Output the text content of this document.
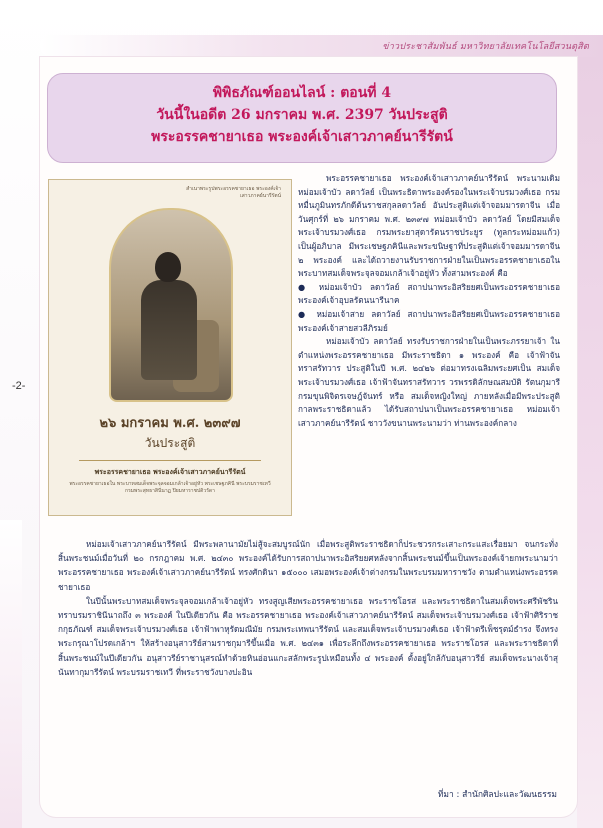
ข่าวประชาสัมพันธ์ มหาวิทยาลัยเทคโนโลยีสวนดุสิต
พิพิธภัณฑ์ออนไลน์ : ตอนที่ 4
วันนี้ในอดีต 26 มกราคม พ.ศ. 2397 วันประสูติ
พระอรรคชายาเธอ พระองค์เจ้าเสาวภาคย์นารีรัตน์
-2-
สำเนาพระรูปพระอรรคชายาเธอ พระองค์เจ้าเสาวภาคย์นารีรัตน์
๒๖ มกราคม พ.ศ. ๒๓๙๗
วันประสูติ
พระอรรคชายาเธอ พระองค์เจ้าเสาวภาคย์นารีรัตน์
พระอรรคชายาเธอใน พระบาทสมเด็จพระจุลจอมเกล้าเจ้าอยู่หัว พระเชษฐภคินี พระบรมราชเทวี กรมพระสุทธาสินีนาฏ ปิยมหาราชปดิวรัดา

พระอรรคชายาเธอ พระองค์เจ้าเสาวภาคย์นารีรัตน์ พระนามเดิม หม่อมเจ้าบัว ลดาวัลย์ เป็นพระธิดาพระองค์รองในพระเจ้าบรมวงศ์เธอ กรมหมื่นภูมินทรภักดีต้นราชสกุลลดาวัลย์ อันประสูติแต่เจ้าจอมมารดาจีน เมื่อวันศุกร์ที่ ๒๖ มกราคม พ.ศ. ๒๓๙๗ หม่อมเจ้าบัว ลดาวัลย์ โดยมีสมเด็จพระเจ้าบรมวงศ์เธอ กรมพระยาสุดารัตนราชประยูร (ทูลกระหม่อมแก้ว) เป็นผู้อภิบาล มีพระเชษฐภคินีและพระขนิษฐาที่ประสูติแต่เจ้าจอมมารดาจีน ๒ พระองค์ และได้ถวายงานรับราชการฝ่ายในเป็นพระอรรคชายาเธอในพระบาทสมเด็จพระจุลจอมเกล้าเจ้าอยู่หัว ทั้งสามพระองค์ คือ

● หม่อมเจ้าบัว ลดาวัลย์ สถาปนาพระอิสริยยศเป็นพระอรรคชายาเธอ พระองค์เจ้าอุบลรัตนนารีนาค

● หม่อมเจ้าสาย ลดาวัลย์ สถาปนาพระอิสริยยศเป็นพระอรรคชายาเธอ พระองค์เจ้าสายสวลีภิรมย์

หม่อมเจ้าบัว ลดาวัลย์ ทรงรับราชการฝ่ายในเป็นพระภรรยาเจ้า ในตำแหน่งพระอรรคชายาเธอ มีพระราชธิดา ๑ พระองค์ คือ เจ้าฟ้าจันทราสรัทวาร ประสูติในปี พ.ศ. ๒๔๒๖ ต่อมาทรงเฉลิมพระยศเป็น สมเด็จพระเจ้าบรมวงศ์เธอ เจ้าฟ้าจันทราสรัทวาร วรพรรดิลักษณสมบัติ รัตนกุมารี กรมขุนพิจิตรเจษฎ์จันทร์ หรือ สมเด็จหญิงใหญ่ ภายหลังเมื่อมีพระประสูติกาลพระราชธิดาแล้ว ได้รับสถาปนาเป็นพระอรรคชายาเธอ หม่อมเจ้าเสาวภาคย์นารีรัตน์ ชาววังขนานพระนามว่า ท่านพระองค์กลาง

หม่อมเจ้าเสาวภาคย์นารีรัตน์ มีพระพลานามัยไม่สู้จะสมบูรณ์นัก เมื่อพระสูติพระราชธิดาก็ประชวรกระเสาะกระแสะเรื่อยมา จนกระทั่งสิ้นพระชนม์เมื่อวันที่ ๒๐ กรกฎาคม พ.ศ. ๒๔๓๐ พระองค์ได้รับการสถาปนาพระอิสริยยศหลังจากสิ้นพระชนม์ขึ้นเป็นพระองค์เจ้ายกพระนามว่า พระอรรคชายาเธอ พระองค์เจ้าเสาวภาคย์นารีรัตน์ ทรงศักดินา ๑๕๐๐๐ เสมอพระองค์เจ้าต่างกรมในพระบรมมหาราชวัง ตามตำแหน่งพระอรรคชายาเธอ

ในปีนั้นพระบาทสมเด็จพระจุลจอมเกล้าเจ้าอยู่หัว ทรงสูญเสียพระอรรคชายาเธอ พระราชโอรส และพระราชธิดาในสมเด็จพระศรีพัชรินทราบรมราชินีนาถถึง ๓ พระองค์ ในปีเดียวกัน คือ พระอรรคชายาเธอ พระองค์เจ้าเสาวภาคย์นารีรัตน์ สมเด็จพระเจ้าบรมวงศ์เธอ เจ้าฟ้าศิริราชกกุธภัณฑ์ สมเด็จพระเจ้าบรมวงศ์เธอ เจ้าฟ้าพาหุรัดมณีมัย กรมพระเทพนารีรัตน์ และสมเด็จพระเจ้าบรมวงศ์เธอ เจ้าฟ้าตรีเพ็ชรุตม์ธำรง จึงทรงพระกรุณาโปรดเกล้าฯ ให้สร้างอนุสาวรีย์สามราชกุมารีขึ้นเมื่อ พ.ศ. ๒๔๓๑ เพื่อระลึกถึงพระอรรคชายาเธอ พระราชโอรส และพระราชธิดาที่สิ้นพระชนม์ในปีเดียวกัน อนุสาวรีย์ราชานุสรณ์ทำด้วยหินอ่อนแกะสลักพระรูปเหมือนทั้ง ๔ พระองค์ ตั้งอยู่ใกล้กับอนุสาวรีย์ สมเด็จพระนางเจ้าสุนันทากุมารีรัตน์ พระบรมราชเทวี ที่พระราชวังบางปะอิน

ที่มา : สำนักศิลปะและวัฒนธรรม
